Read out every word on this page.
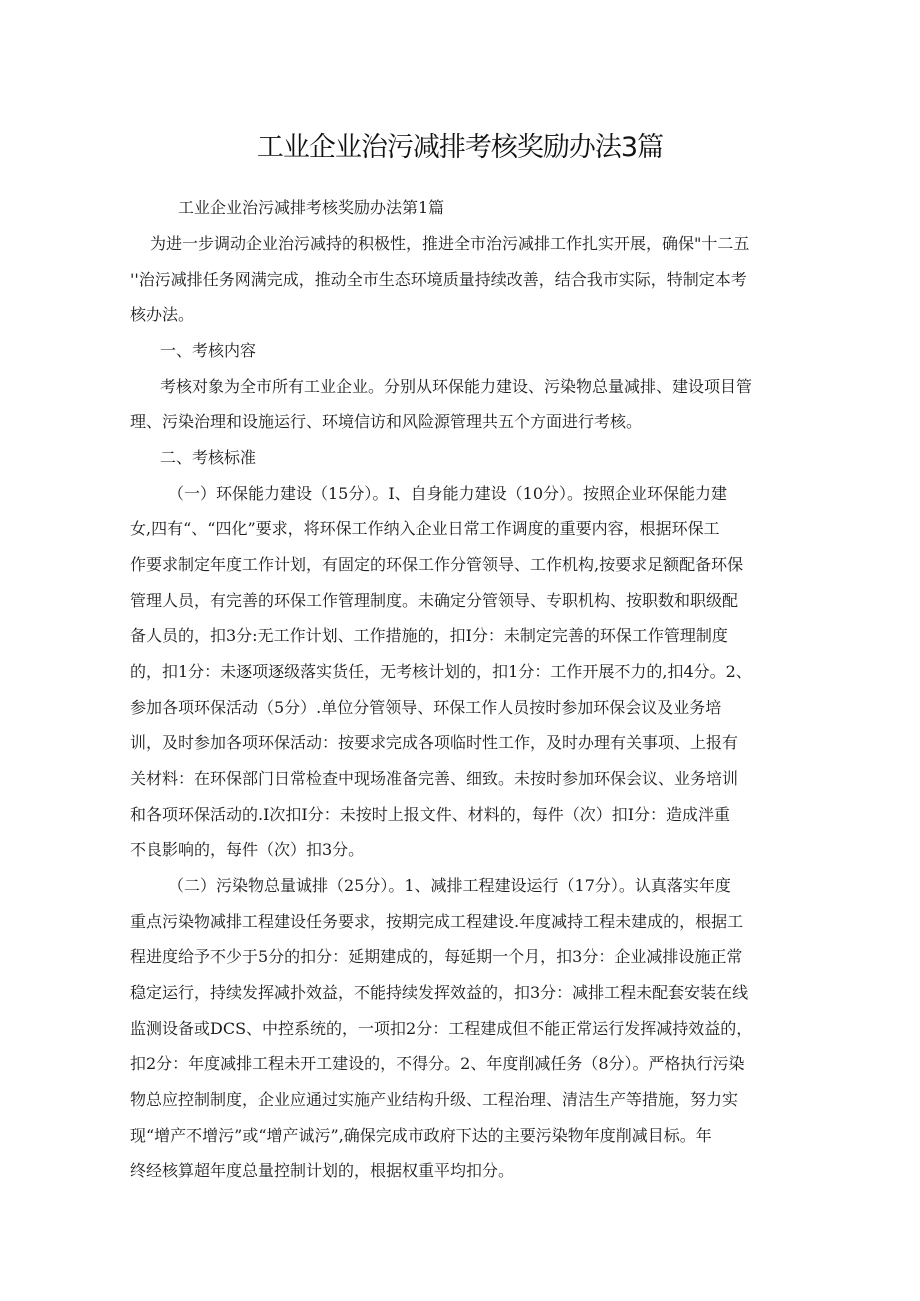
工业企业治污减排考核奖励办法3篇
工业企业治污减排考核奖励办法第1篇
为进一步调动企业治污减持的积极性，推进全市治污减排工作扎实开展，确保"十二五
''治污减排任务网满完成，推动全市生态环境质量持续改善，结合我市实际，特制定本考
核办法。
一、考核内容
考核对象为全市所有工业企业。分别从环保能力建设、污染物总量减排、建设项目管
理、污染治理和设施运行、环境信访和风险源管理共五个方面进行考核。
二、考核标准
（一）环保能力建设（15分）。I、自身能力建设（10分）。按照企业环保能力建
女,四有“、“四化”要求，将环保工作纳入企业日常工作调度的重要内容，根据环保工
作要求制定年度工作计划，有固定的环保工作分管领导、工作机构,按要求足额配备环保
管理人员，有完善的环保工作管理制度。未确定分管领导、专职机构、按职数和职级配
备人员的，扣3分:无工作计划、工作措施的，扣I分：未制定完善的环保工作管理制度
的，扣1分：未逐项逐级落实货任，无考核计划的，扣1分：工作开展不力的,扣4分。2、
参加各项环保活动（5分）.单位分管领导、环保工作人员按时参加环保会议及业务培
训，及时参加各项环保活动：按要求完成各项临时性工作，及时办理有关事项、上报有
关材料：在环保部门日常检查中现场准备完善、细致。未按时参加环保会议、业务培训
和各项环保活动的.I次扣I分：未按时上报文件、材料的，每件（次）扣I分：造成泮重
不良影响的，每件（次）扣3分。
（二）污染物总量诚排（25分）。1、减排工程建设运行（17分）。认真落实年度
重点污染物减排工程建设任务要求，按期完成工程建设.年度减持工程未建成的，根据工
程进度给予不少于5分的扣分：延期建成的，每延期一个月，扣3分：企业减排设施正常
稳定运行，持续发挥减扑效益，不能持续发挥效益的，扣3分：减排工程未配套安装在线
监测设备或DCS、中控系统的，一项扣2分：工程建成但不能正常运行发挥减持效益的，
扣2分：年度减排工程未开工建设的，不得分。2、年度削减任务（8分）。严格执行污染
物总应控制制度，企业应通过实施产业结构升级、工程治理、清洁生产等措施，努力实
现“增产不增污”或“增产诚污”,确保完成市政府下达的主要污染物年度削减目标。年
终经核算超年度总量控制计划的，根据权重平均扣分。
